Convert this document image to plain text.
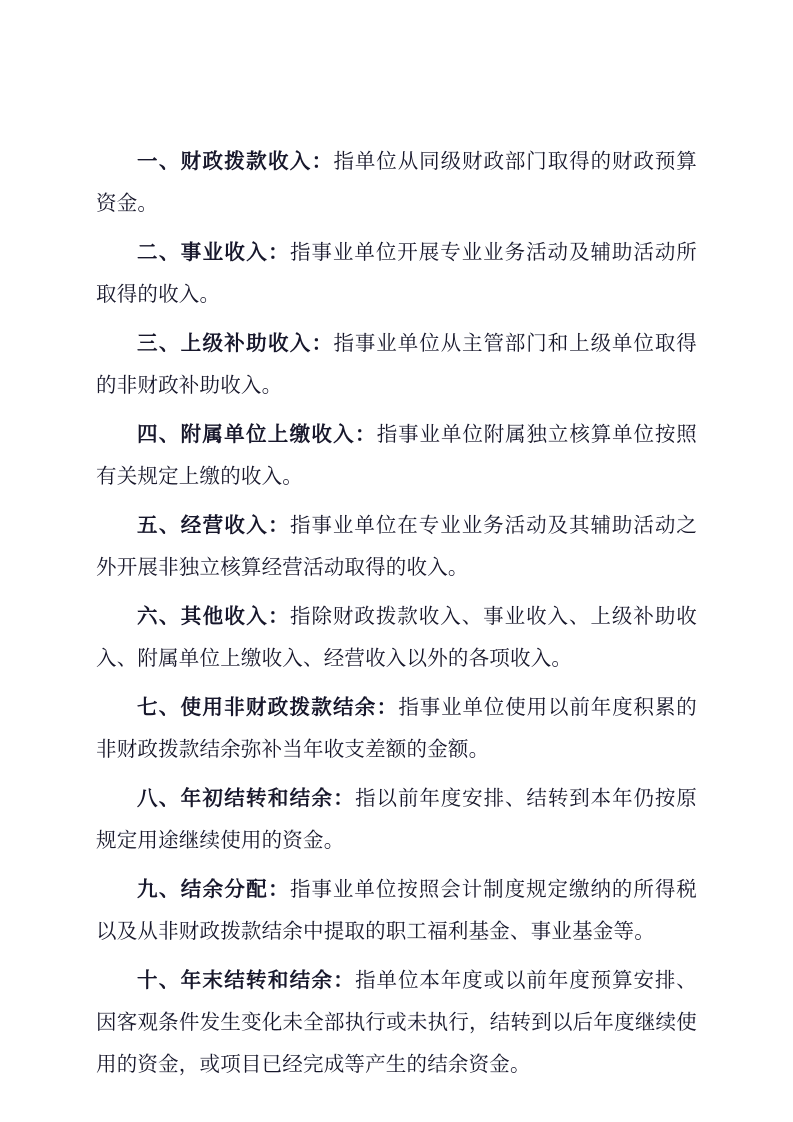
一、财政拨款收入：指单位从同级财政部门取得的财政预算资金。

二、事业收入：指事业单位开展专业业务活动及辅助活动所取得的收入。

三、上级补助收入：指事业单位从主管部门和上级单位取得的非财政补助收入。

四、附属单位上缴收入：指事业单位附属独立核算单位按照有关规定上缴的收入。

五、经营收入：指事业单位在专业业务活动及其辅助活动之外开展非独立核算经营活动取得的收入。

六、其他收入：指除财政拨款收入、事业收入、上级补助收入、附属单位上缴收入、经营收入以外的各项收入。

七、使用非财政拨款结余：指事业单位使用以前年度积累的非财政拨款结余弥补当年收支差额的金额。

八、年初结转和结余：指以前年度安排、结转到本年仍按原规定用途继续使用的资金。

九、结余分配：指事业单位按照会计制度规定缴纳的所得税以及从非财政拨款结余中提取的职工福利基金、事业基金等。

十、年末结转和结余：指单位本年度或以前年度预算安排、因客观条件发生变化未全部执行或未执行，结转到以后年度继续使用的资金，或项目已经完成等产生的结余资金。
